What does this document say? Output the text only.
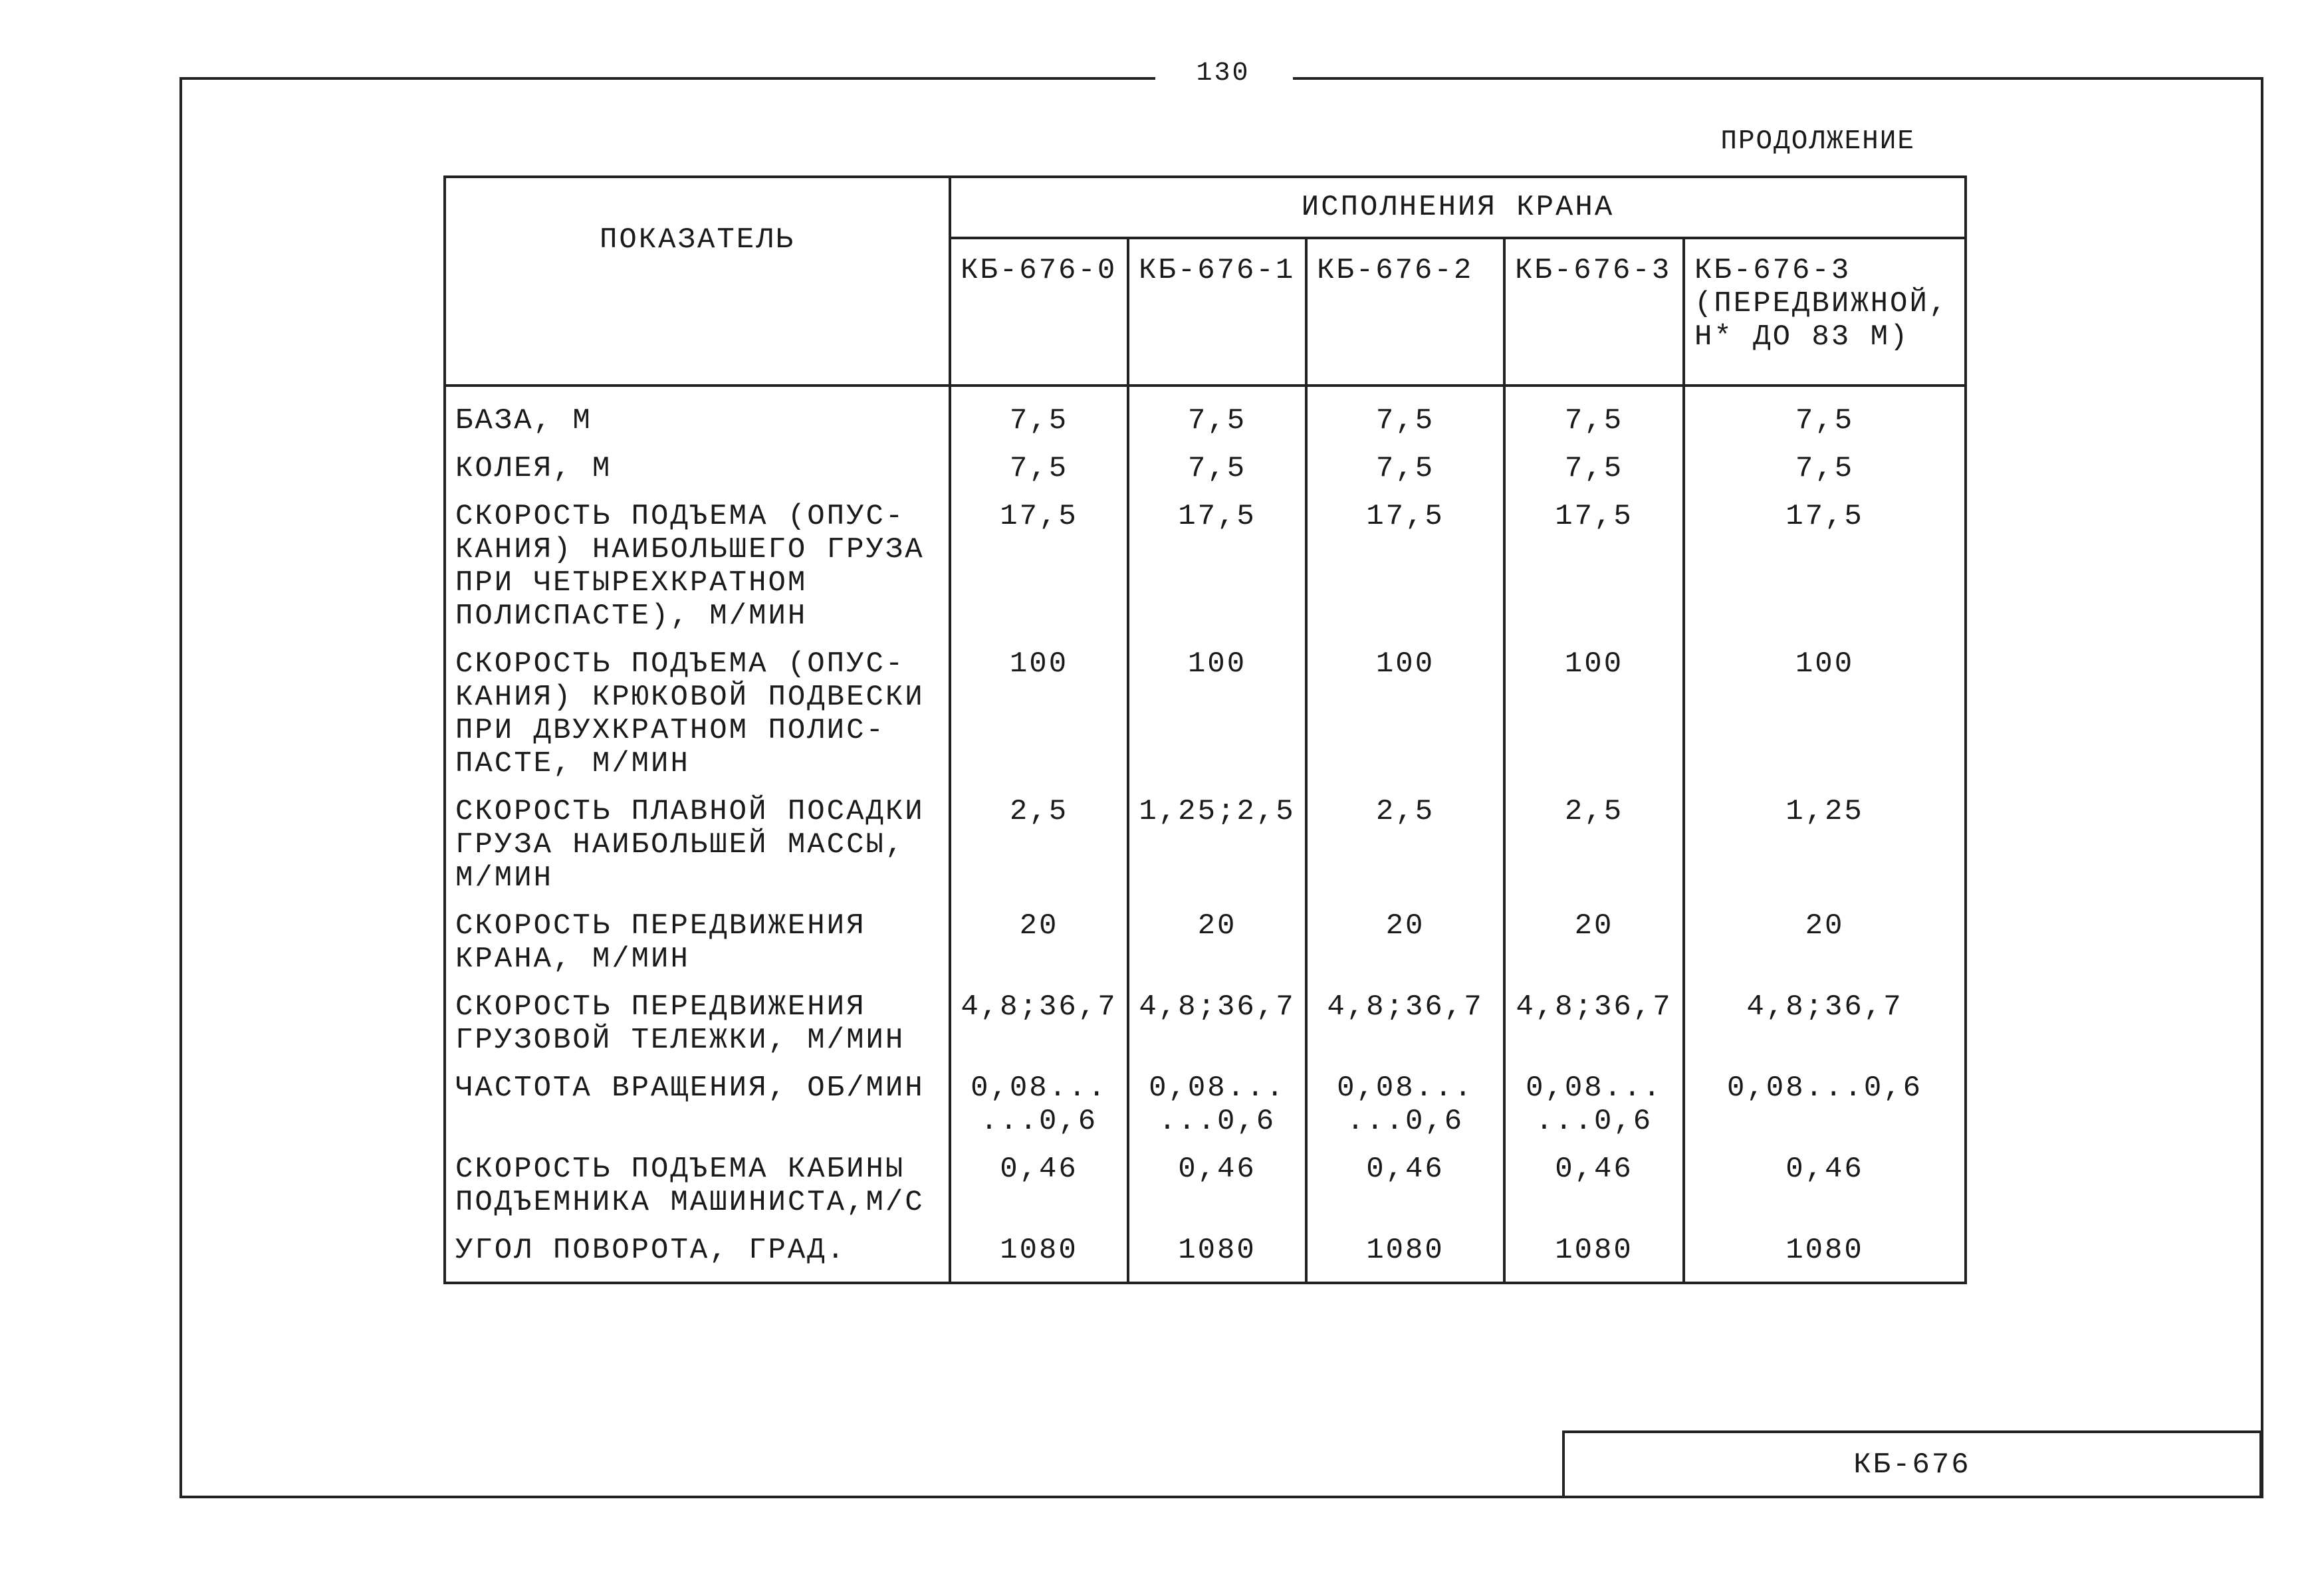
130
ПРОДОЛЖЕНИЕ
ПОКАЗАТЕЛЬ	ИСПОЛНЕНИЯ КРАНА				
	КБ-676-0	КБ-676-1	КБ-676-2	КБ-676-3	КБ-676-3 (ПЕРЕДВИЖНОЙ, Н* ДО 83 М)
БАЗА, М	7,5	7,5	7,5	7,5	7,5
КОЛЕЯ, М	7,5	7,5	7,5	7,5	7,5
СКОРОСТЬ ПОДЪЕМА (ОПУС-КАНИЯ) НАИБОЛЬШЕГО ГРУЗА ПРИ ЧЕТЫРЕХКРАТНОМ ПОЛИСПАСТЕ), М/МИН	17,5	17,5	17,5	17,5	17,5
СКОРОСТЬ ПОДЪЕМА (ОПУС-КАНИЯ) КРЮКОВОЙ ПОДВЕСКИ ПРИ ДВУХКРАТНОМ ПОЛИС-ПАСТЕ, М/МИН	100	100	100	100	100
СКОРОСТЬ ПЛАВНОЙ ПОСАДКИ ГРУЗА НАИБОЛЬШЕЙ МАССЫ, М/МИН	2,5	1,25;2,5	2,5	2,5	1,25
СКОРОСТЬ ПЕРЕДВИЖЕНИЯ КРАНА, М/МИН	20	20	20	20	20
СКОРОСТЬ ПЕРЕДВИЖЕНИЯ ГРУЗОВОЙ ТЕЛЕЖКИ, М/МИН	4,8;36,7	4,8;36,7	4,8;36,7	4,8;36,7	4,8;36,7
ЧАСТОТА ВРАЩЕНИЯ, ОБ/МИН	0,08... ...0,6	0,08... ...0,6	0,08... ...0,6	0,08... ...0,6	0,08...0,6
СКОРОСТЬ ПОДЪЕМА КАБИНЫ ПОДЪЕМНИКА МАШИНИСТА,М/С	0,46	0,46	0,46	0,46	0,46
УГОЛ ПОВОРОТА, ГРАД.	1080	1080	1080	1080	1080
КБ-676
